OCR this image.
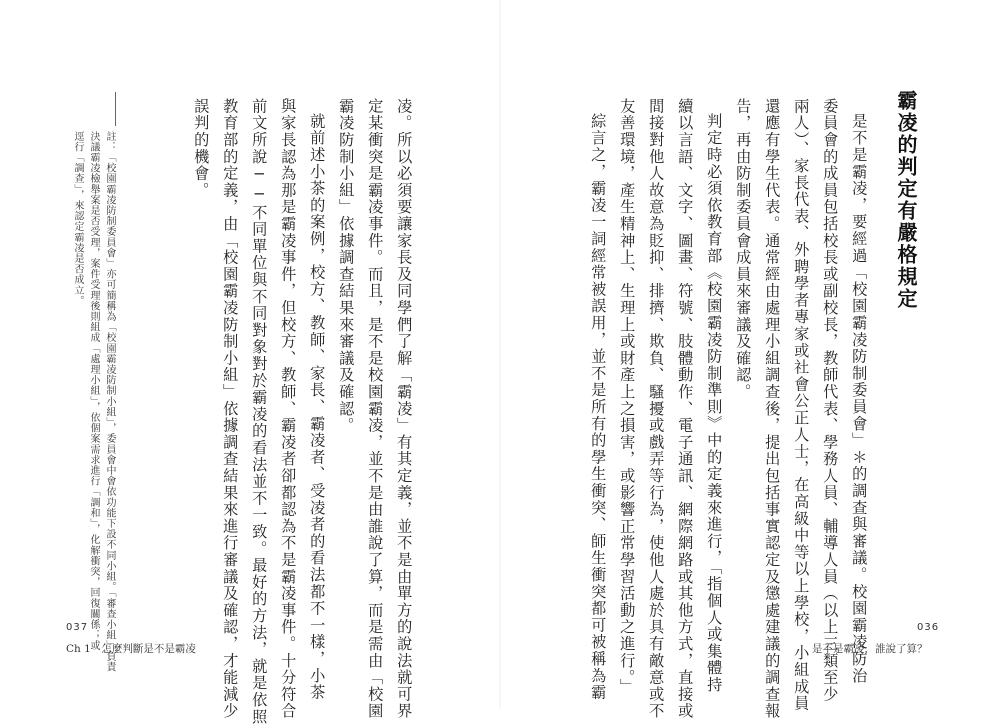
霸凌的判定有嚴格規定
是不是霸凌，要經過「校園霸凌防制委員會」＊的調查與審議。校園霸凌防治
委員會的成員包括校長或副校長，教師代表、學務人員、輔導人員（以上三類至少
兩人）、家長代表、外聘學者專家或社會公正人士，在高級中等以上學校，小組成員
還應有學生代表。通常經由處理小組調查後，提出包括事實認定及懲處建議的調查報
告，再由防制委員會成員來審議及確認。
判定時必須依教育部《校園霸凌防制準則》中的定義來進行，「指個人或集體持
續以言語、文字、圖畫、符號、肢體動作、電子通訊、網際網路或其他方式，直接或
間接對他人故意為貶抑、排擠、欺負、騷擾或戲弄等行為，使他人處於具有敵意或不
友善環境，產生精神上、生理上或財產上之損害，或影響正常學習活動之進行。」
綜言之，霸凌一詞經常被誤用，並不是所有的學生衝突、師生衝突都可被稱為霸	036
是不是霸凌，誰說了算？
凌。所以必須要讓家長及同學們了解「霸凌」有其定義，並不是由單方的說法就可界
定某衝突是霸凌事件。而且，是不是校園霸凌，並不是由誰說了算，而是需由「校園
霸凌防制小組」依據調查結果來審議及確認。
就前述小茶的案例，校方、教師、家長、霸凌者、受凌者的看法都不一樣，小茶
與家長認為那是霸凌事件，但校方、教師、霸凌者卻都認為不是霸凌事件。十分符合
前文所說──不同單位與不同對象對於霸凌的看法並不一致。最好的方法，就是依照
教育部的定義，由「校園霸凌防制小組」依據調查結果來進行審議及確認，才能減少
誤判的機會。
註：「校園霸凌防制委員會」亦可簡稱為「校園霸凌防制小組」，委員會中會依功能下設不同小組。「審查小組」負責
決議霸凌檢舉案是否受理，案件受理後則組成「處理小組」，依個案需求進行「調和」，化解衝突，回復關係；或
逕行「調查」，來認定霸凌是否成立。
037
Ch 1　怎麼判斷是不是霸凌
